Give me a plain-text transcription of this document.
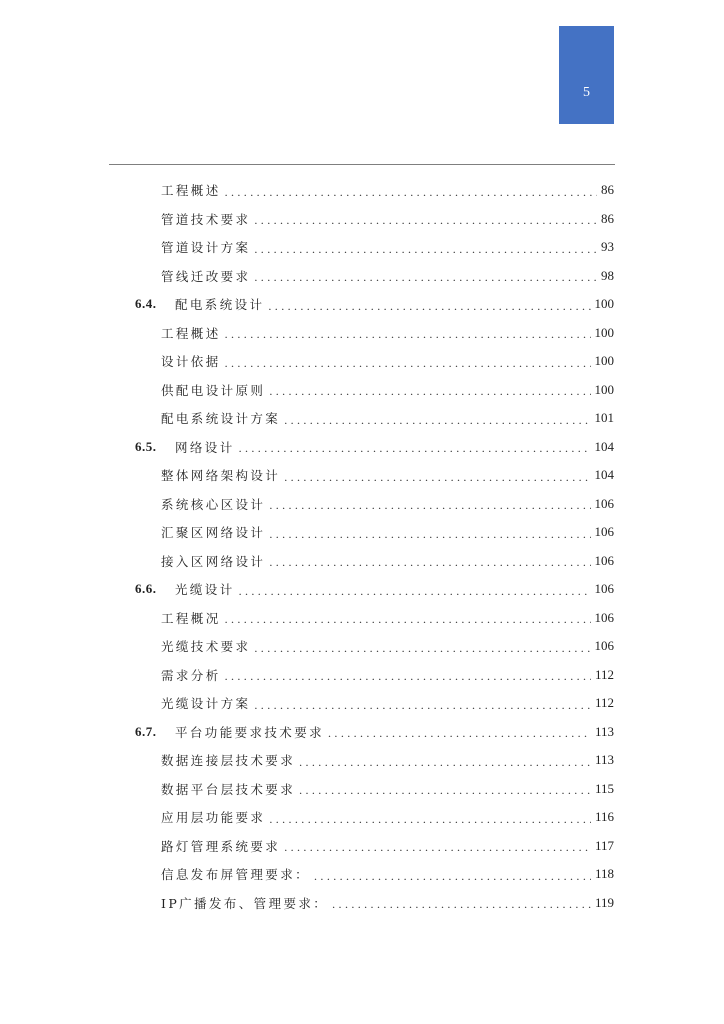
5
工程概述 .....	86
管道技术要求 .....	86
管道设计方案 .....	93
管线迁改要求 .....	98
6.4.	配电系统设计 .....	100
工程概述 .....	100
设计依据 .....	100
供配电设计原则 .....	100
配电系统设计方案 .....	101
6.5.	网络设计 .....	104
整体网络架构设计 .....	104
系统核心区设计 .....	106
汇聚区网络设计 .....	106
接入区网络设计 .....	106
6.6.	光缆设计 .....	106
工程概况 .....	106
光缆技术要求 .....	106
需求分析 .....	112
光缆设计方案 .....	112
6.7.	平台功能要求技术要求 .....	113
数据连接层技术要求 .....	113
数据平台层技术要求 .....	115
应用层功能要求 .....	116
路灯管理系统要求 .....	117
信息发布屏管理要求： .....	118
IP广播发布、管理要求： .....	119
